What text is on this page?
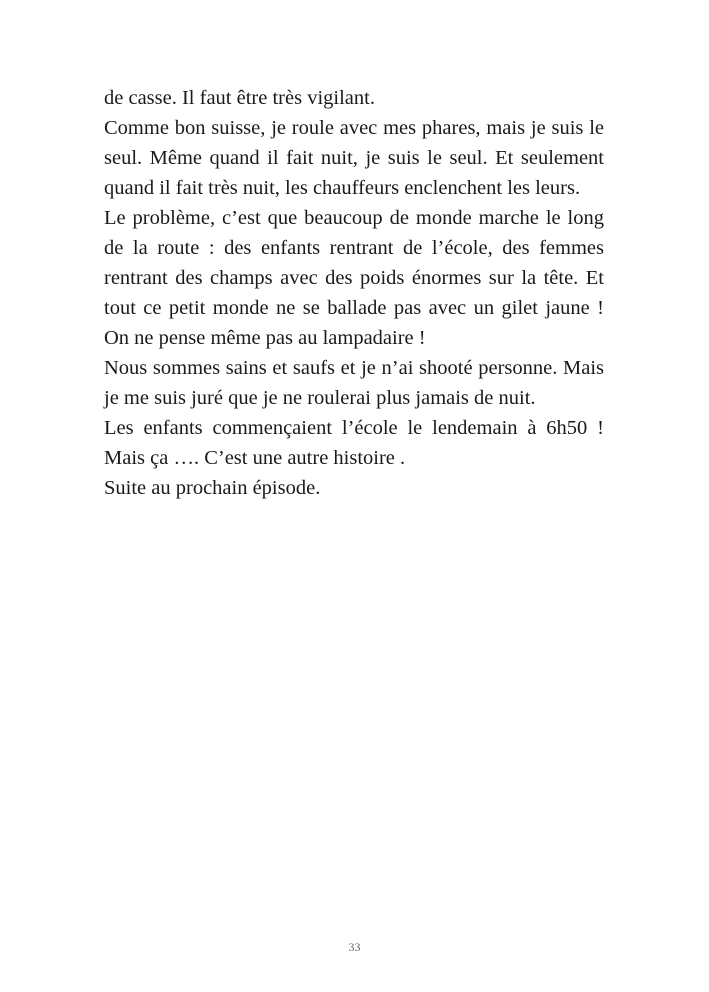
de casse. Il faut être très vigilant.

Comme bon suisse, je roule avec mes phares, mais je suis le seul. Même quand il fait nuit, je suis le seul. Et seulement quand il fait très nuit, les chauffeurs enclenchent les leurs.

Le problème, c’est que beaucoup de monde marche le long de la route : des enfants rentrant de l’école, des femmes rentrant des champs avec des poids énormes sur la tête. Et tout ce petit monde ne se ballade pas avec un gilet jaune ! On ne pense même pas au lampadaire !

Nous sommes sains et saufs et je n’ai shooté personne. Mais je me suis juré que je ne roulerai plus jamais de nuit.

Les enfants commençaient l’école le lendemain à 6h50 ! Mais ça …. C’est une autre histoire .

Suite au prochain épisode.

33
